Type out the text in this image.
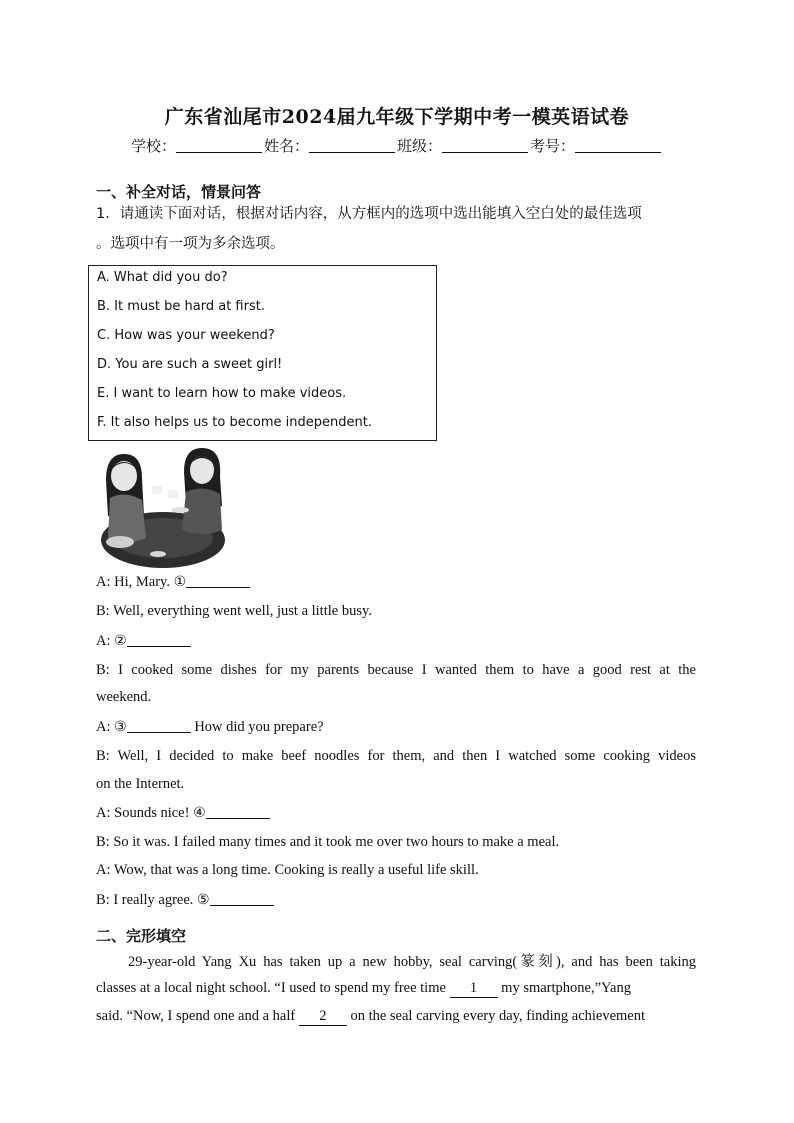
广东省汕尾市2024届九年级下学期中考一模英语试卷
学校：	姓名：	班级：	考号：
一、补全对话，情景问答
1．请通读下面对话，根据对话内容，从方框内的选项中选出能填入空白处的最佳选项
。选项中有一项为多余选项。
A. What did you do?
B. It must be hard at first.
C. How was your weekend?
D. You are such a sweet girl!
E. I want to learn how to make videos.
F. It also helps us to become independent.
A: Hi, Mary. ①
B: Well, everything went well, just a little busy.
A: ②
B: I cooked some dishes for my parents because I wanted them to have a good rest at the
weekend.
A: ③	How did you prepare?
B: Well, I decided to make beef noodles for them, and then I watched some cooking videos
on the Internet.
A: Sounds nice! ④
B: So it was. I failed many times and it took me over two hours to make a meal.
A: Wow, that was a long time. Cooking is really a useful life skill.
B: I really agree. ⑤
二、完形填空
29-year-old Yang Xu has taken up a new hobby, seal carving(篆刻), and has been taking
classes at a local night school. “I used to spend my free time 1 my smartphone,”Yang
said. “Now, I spend one and a half 2 on the seal carving every day, finding achievement
